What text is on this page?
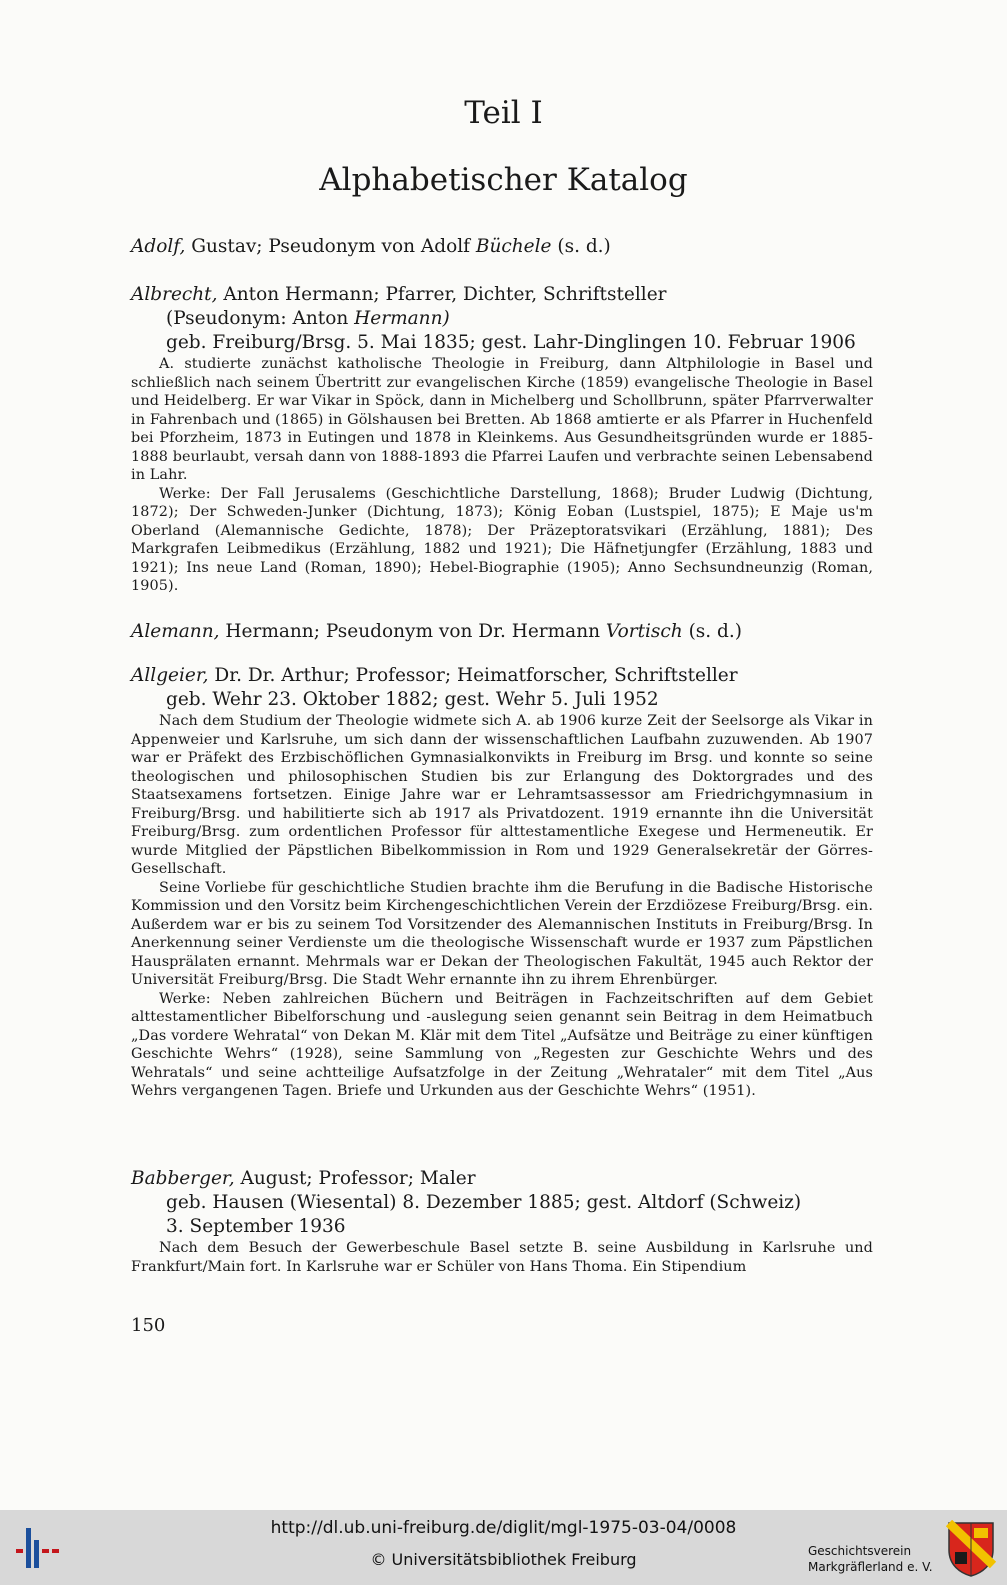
Teil I
Alphabetischer Katalog
Adolf, Gustav; Pseudonym von Adolf Büchele (s. d.)
Albrecht, Anton Hermann; Pfarrer, Dichter, Schriftsteller
(Pseudonym: Anton Hermann)
geb. Freiburg/Brsg. 5. Mai 1835; gest. Lahr-Dinglingen 10. Februar 1906

A. studierte zunächst katholische Theologie in Freiburg, dann Altphilologie in Basel und schließlich nach seinem Übertritt zur evangelischen Kirche (1859) evangelische Theologie in Basel und Heidelberg. Er war Vikar in Spöck, dann in Michelberg und Schollbrunn, später Pfarrverwalter in Fahrenbach und (1865) in Gölshausen bei Bretten. Ab 1868 amtierte er als Pfarrer in Huchenfeld bei Pforzheim, 1873 in Eutingen und 1878 in Kleinkems. Aus Gesundheitsgründen wurde er 1885-1888 beurlaubt, versah dann von 1888-1893 die Pfarrei Laufen und verbrachte seinen Lebensabend in Lahr.

Werke: Der Fall Jerusalems (Geschichtliche Darstellung, 1868); Bruder Ludwig (Dichtung, 1872); Der Schweden-Junker (Dichtung, 1873); König Eoban (Lustspiel, 1875); E Maje us'm Oberland (Alemannische Gedichte, 1878); Der Präzeptoratsvikari (Erzählung, 1881); Des Markgrafen Leibmedikus (Erzählung, 1882 und 1921); Die Häfnetjungfer (Erzählung, 1883 und 1921); Ins neue Land (Roman, 1890); Hebel-Biographie (1905); Anno Sechsundneunzig (Roman, 1905).

Alemann, Hermann; Pseudonym von Dr. Hermann Vortisch (s. d.)
Allgeier, Dr. Dr. Arthur; Professor; Heimatforscher, Schriftsteller
geb. Wehr 23. Oktober 1882; gest. Wehr 5. Juli 1952

Nach dem Studium der Theologie widmete sich A. ab 1906 kurze Zeit der Seelsorge als Vikar in Appenweier und Karlsruhe, um sich dann der wissenschaftlichen Laufbahn zuzuwenden. Ab 1907 war er Präfekt des Erzbischöflichen Gymnasialkonvikts in Freiburg im Brsg. und konnte so seine theologischen und philosophischen Studien bis zur Erlangung des Doktorgrades und des Staatsexamens fortsetzen. Einige Jahre war er Lehramtsassessor am Friedrichgymnasium in Freiburg/Brsg. und habilitierte sich ab 1917 als Privatdozent. 1919 ernannte ihn die Universität Freiburg/Brsg. zum ordentlichen Professor für alttestamentliche Exegese und Hermeneutik. Er wurde Mitglied der Päpstlichen Bibelkommission in Rom und 1929 Generalsekretär der Görres-Gesellschaft.

Seine Vorliebe für geschichtliche Studien brachte ihm die Berufung in die Badische Historische Kommission und den Vorsitz beim Kirchengeschichtlichen Verein der Erzdiözese Freiburg/Brsg. ein. Außerdem war er bis zu seinem Tod Vorsitzender des Alemannischen Instituts in Freiburg/Brsg. In Anerkennung seiner Verdienste um die theologische Wissenschaft wurde er 1937 zum Päpstlichen Hausprälaten ernannt. Mehrmals war er Dekan der Theologischen Fakultät, 1945 auch Rektor der Universität Freiburg/Brsg. Die Stadt Wehr ernannte ihn zu ihrem Ehrenbürger.

Werke: Neben zahlreichen Büchern und Beiträgen in Fachzeitschriften auf dem Gebiet alttestamentlicher Bibelforschung und -auslegung seien genannt sein Beitrag in dem Heimatbuch „Das vordere Wehratal“ von Dekan M. Klär mit dem Titel „Aufsätze und Beiträge zu einer künftigen Geschichte Wehrs“ (1928), seine Sammlung von „Regesten zur Geschichte Wehrs und des Wehratals“ und seine achtteilige Aufsatzfolge in der Zeitung „Wehrataler“ mit dem Titel „Aus Wehrs vergangenen Tagen. Briefe und Urkunden aus der Geschichte Wehrs“ (1951).

Babberger, August; Professor; Maler
geb. Hausen (Wiesental) 8. Dezember 1885; gest. Altdorf (Schweiz)
3. September 1936

Nach dem Besuch der Gewerbeschule Basel setzte B. seine Ausbildung in Karlsruhe und Frankfurt/Main fort. In Karlsruhe war er Schüler von Hans Thoma. Ein Stipendium

150
http://dl.ub.uni-freiburg.de/diglit/mgl-1975-03-04/0008
© Universitätsbibliothek Freiburg	Geschichtsverein
Markgräflerland e. V.
